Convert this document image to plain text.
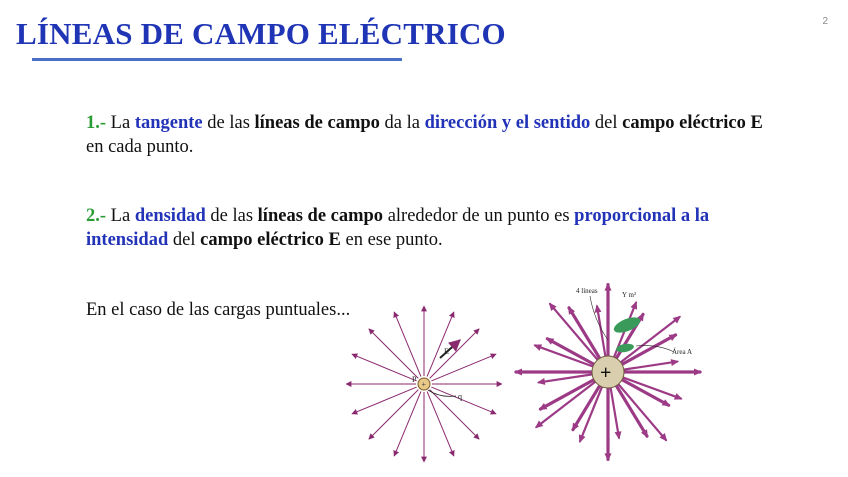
LÍNEAS DE CAMPO ELÉCTRICO	2
1.- La tangente de las líneas de campo da la dirección y el sentido del campo eléctrico E en cada punto.
2.- La densidad de las líneas de campo alrededor de un punto es proporcional a la intensidad del campo eléctrico E en ese punto.
En el caso de las cargas puntuales...
E
P
q
+
4 líneas	Y m²
Área A
+
